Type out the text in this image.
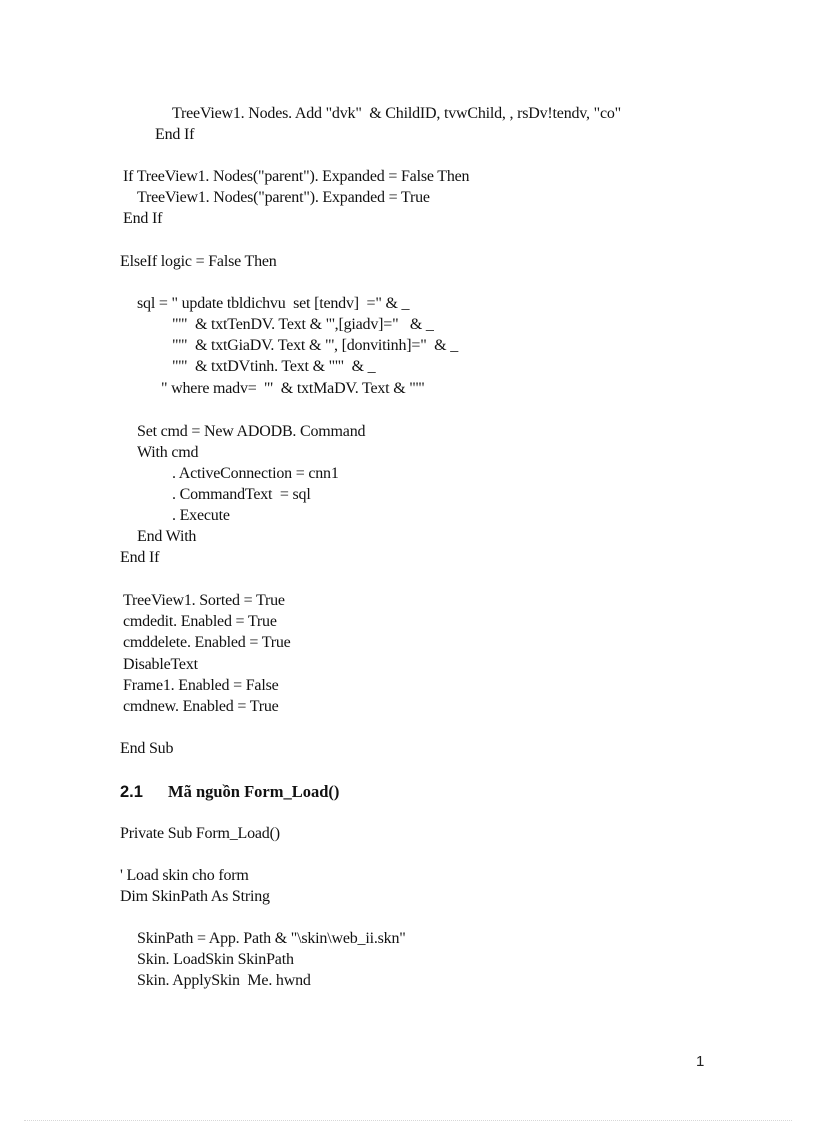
TreeView1. Nodes. Add "dvk"  & ChildID, tvwChild, , rsDv!tendv, "co"
End If
If TreeView1. Nodes("parent"). Expanded = False Then
TreeView1. Nodes("parent"). Expanded = True
End If
ElseIf logic = False Then
sql = " update tbldichvu  set [tendv]  =" & _
"'"  & txtTenDV. Text & "',[giadv]="   & _
"'"  & txtGiaDV. Text & "', [donvitinh]="  & _
"'"  & txtDVtinh. Text & "'"  & _
" where madv=  '"  & txtMaDV. Text & "'"
Set cmd = New ADODB. Command
With cmd
. ActiveConnection = cnn1
. CommandText  = sql
. Execute
End With
End If
TreeView1. Sorted = True
cmdedit. Enabled = True
cmddelete. Enabled = True
DisableText
Frame1. Enabled = False
cmdnew. Enabled = True
End Sub
2.1 Mã nguồn Form_Load()
Private Sub Form_Load()
' Load skin cho form
Dim SkinPath As String
SkinPath = App. Path & "\skin\web_ii.skn"
Skin. LoadSkin SkinPath
Skin. ApplySkin  Me. hwnd
1
